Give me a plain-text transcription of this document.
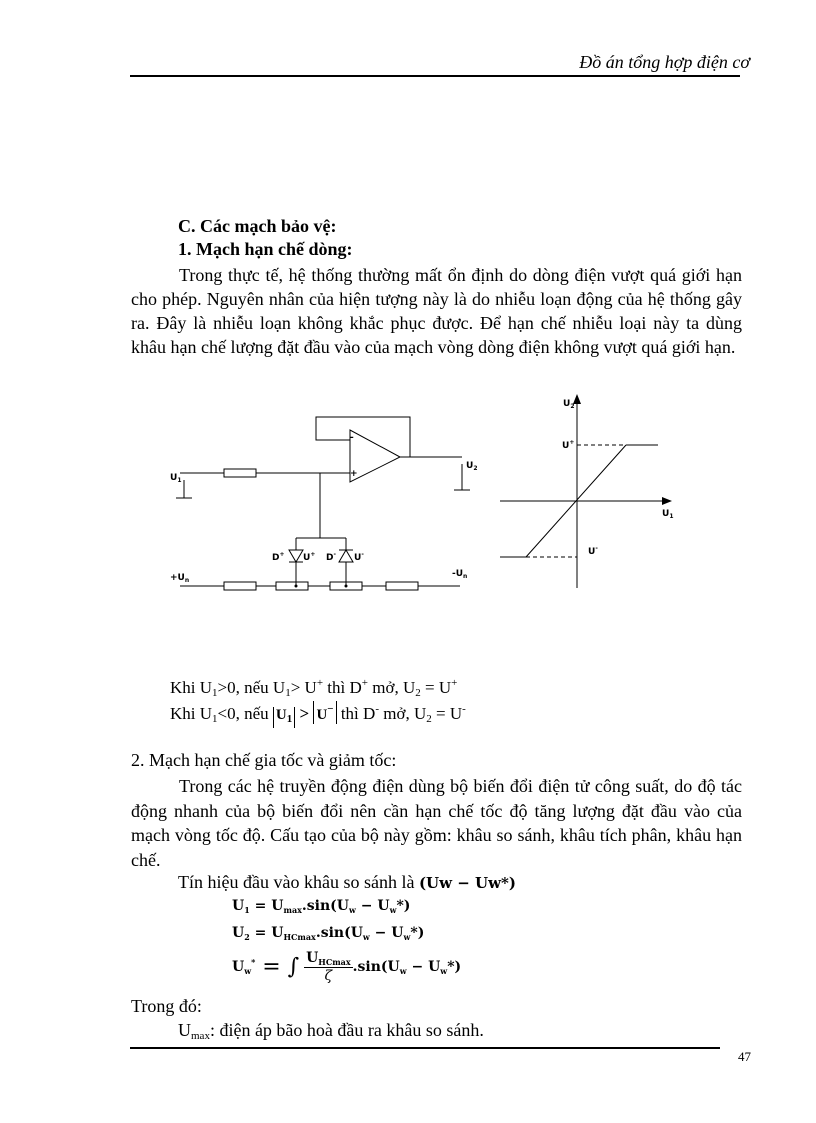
Đồ án tổng hợp điện cơ
C. Các mạch bảo vệ:
1. Mạch hạn chế dòng:

Trong thực tế, hệ thống thường mất ổn định do dòng điện vượt quá giới hạn cho phép. Nguyên nhân của hiện tượng này là do nhiễu loạn động của hệ thống gây ra. Đây là nhiễu loạn không khắc phục được. Để hạn chế nhiễu loại này ta dùng khâu hạn chế lượng đặt đầu vào của mạch vòng dòng điện không vượt quá giới hạn.

-
+
$U_1$
$U_2$
$+U_n$
$-U_n$
D+ U+ D- U-
$U_2$
$U_1$
U+
U-
Khi $U_1>0$, nếu $U_1> U^+$ thì D+ mở, $U_2 = U^+$
Khi $U_1<0$, nếu $U_1 > U^-$ thì D- mở, $U_2 = U^-$
2. Mạch hạn chế gia tốc và giảm tốc:

Trong các hệ truyền động điện dùng bộ biến đổi điện tử công suất, do độ tác động nhanh của bộ biến đổi nên cần hạn chế tốc độ tăng lượng đặt đầu vào của mạch vòng tốc độ. Cấu tạo của bộ này gồm: khâu so sánh, khâu tích phân, khâu hạn chế.

Tín hiệu đầu vào khâu so sánh là (Uw − Uw*)
$U_1 = U_{max}.\sin(U_w - U_w*)$
$U_2 = U_{HCmax}.\sin(U_w - U_w*)$
$U_w^*$ = ∫ $\frac{U_{HCmax}}{\zeta} .\sin(U_w - U_w*)$
Trong đó:
$U_{max}$: điện áp bão hoà đầu ra khâu so sánh.
47
